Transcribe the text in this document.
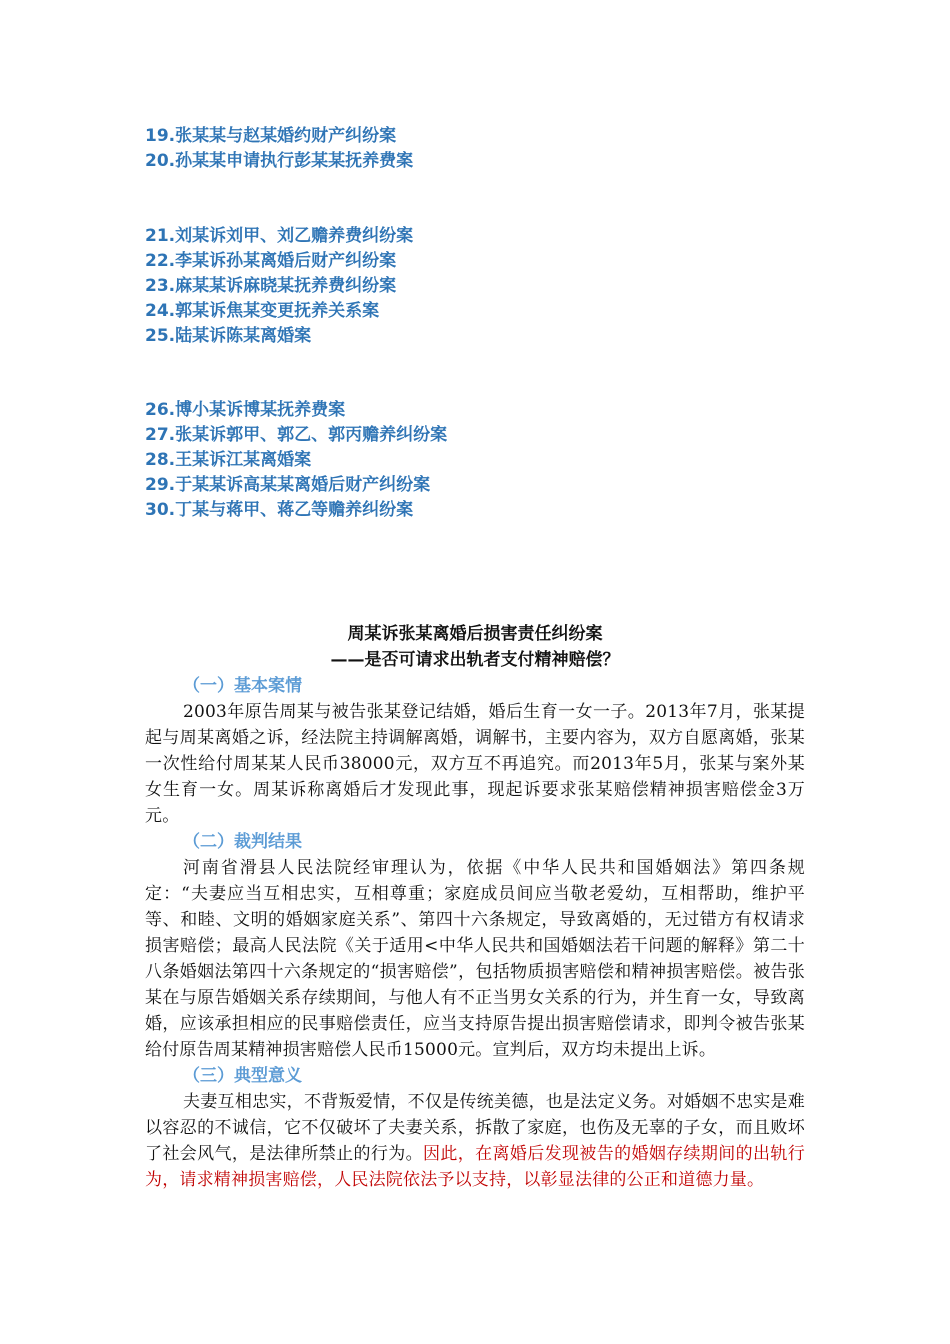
19.张某某与赵某婚约财产纠纷案
20.孙某某申请执行彭某某抚养费案
21.刘某诉刘甲、刘乙赡养费纠纷案
22.李某诉孙某离婚后财产纠纷案
23.麻某某诉麻晓某抚养费纠纷案
24.郭某诉焦某变更抚养关系案
25.陆某诉陈某离婚案
26.博小某诉博某抚养费案
27.张某诉郭甲、郭乙、郭丙赡养纠纷案
28.王某诉江某离婚案
29.于某某诉高某某离婚后财产纠纷案
30.丁某与蒋甲、蒋乙等赡养纠纷案

周某诉张某离婚后损害责任纠纷案

——是否可请求出轨者支付精神赔偿？

（一）基本案情

2003年原告周某与被告张某登记结婚，婚后生育一女一子。2013年7月，张某提起与周某离婚之诉，经法院主持调解离婚，调解书，主要内容为，双方自愿离婚，张某一次性给付周某某人民币38000元，双方互不再追究。而2013年5月，张某与案外某女生育一女。周某诉称离婚后才发现此事，现起诉要求张某赔偿精神损害赔偿金3万元。

（二）裁判结果

河南省滑县人民法院经审理认为，依据《中华人民共和国婚姻法》第四条规定：“夫妻应当互相忠实，互相尊重；家庭成员间应当敬老爱幼，互相帮助，维护平等、和睦、文明的婚姻家庭关系”、第四十六条规定，导致离婚的，无过错方有权请求损害赔偿；最高人民法院《关于适用<中华人民共和国婚姻法若干问题的解释》第二十八条婚姻法第四十六条规定的“损害赔偿”，包括物质损害赔偿和精神损害赔偿。被告张某在与原告婚姻关系存续期间，与他人有不正当男女关系的行为，并生育一女，导致离婚，应该承担相应的民事赔偿责任，应当支持原告提出损害赔偿请求，即判令被告张某给付原告周某精神损害赔偿人民币15000元。宣判后，双方均未提出上诉。

（三）典型意义

夫妻互相忠实，不背叛爱情，不仅是传统美德，也是法定义务。对婚姻不忠实是难以容忍的不诚信，它不仅破坏了夫妻关系，拆散了家庭，也伤及无辜的子女，而且败坏了社会风气，是法律所禁止的行为。因此，在离婚后发现被告的婚姻存续期间的出轨行为，请求精神损害赔偿，人民法院依法予以支持，以彰显法律的公正和道德力量。
